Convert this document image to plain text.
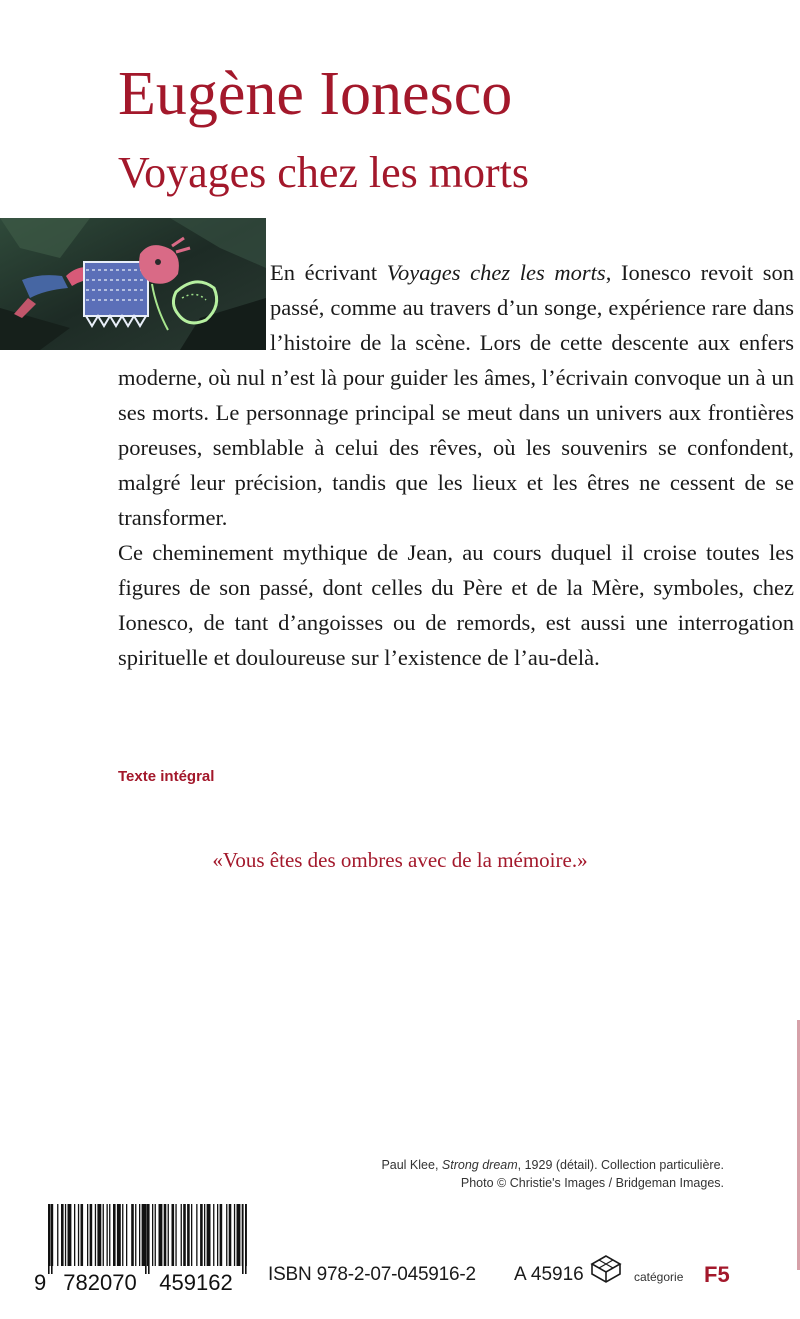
Eugène Ionesco
Voyages chez les morts

En écrivant Voyages chez les morts, Ionesco revoit son passé, comme au travers d’un songe, expérience rare dans l’histoire de la scène. Lors de cette descente aux enfers moderne, où nul n’est là pour guider les âmes, l’écrivain convoque un à un ses morts. Le personnage principal se meut dans un univers aux frontières poreuses, semblable à celui des rêves, où les souvenirs se confondent, malgré leur précision, tandis que les lieux et les êtres ne cessent de se transformer.

Ce cheminement mythique de Jean, au cours duquel il croise toutes les figures de son passé, dont celles du Père et de la Mère, symboles, chez Ionesco, de tant d’angoisses ou de remords, est aussi une interrogation spirituelle et douloureuse sur l’existence de l’au-delà.

Texte intégral
«Vous êtes des ombres avec de la mémoire.»
Paul Klee, Strong dream, 1929 (détail). Collection particulière.
Photo © Christie's Images / Bridgeman Images.
9 782070 459162 ISBN 978-2-07-045916-2 A 45916	catégorie F5
